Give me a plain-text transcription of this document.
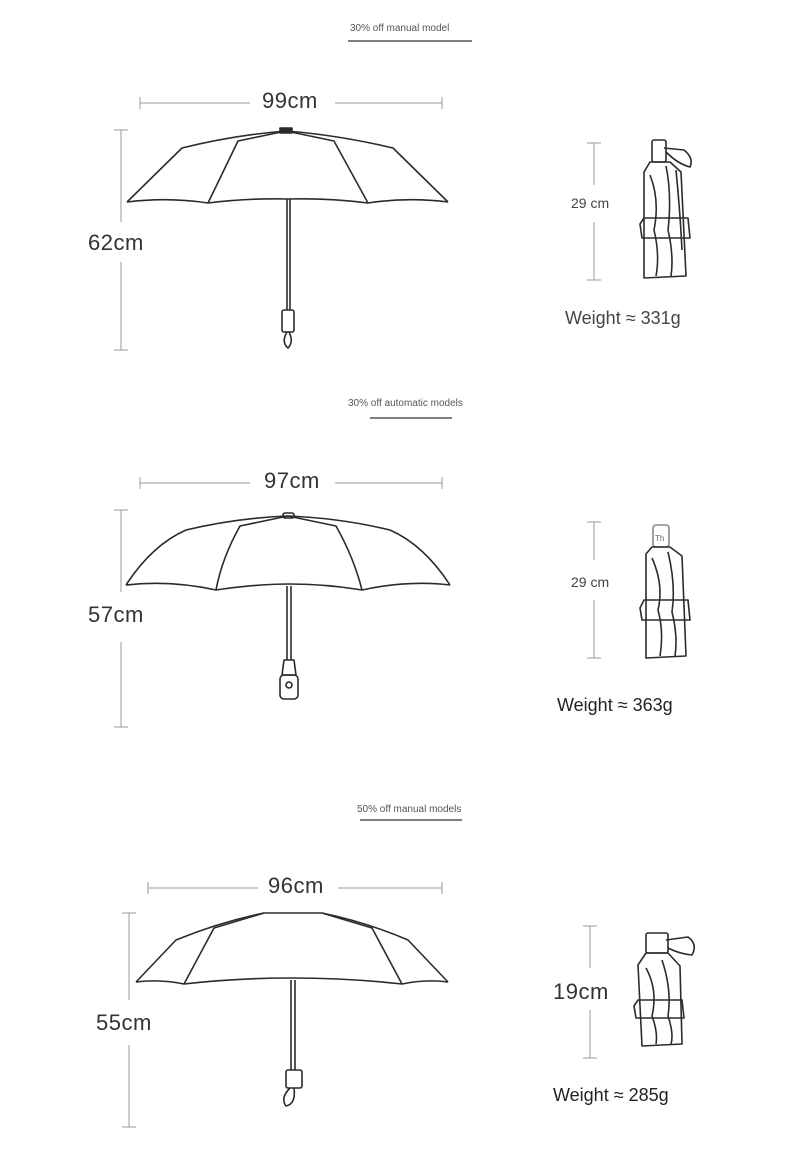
30% off manual model
99cm
62cm
29 cm
Weight ≈ 331g
30% off automatic models
97cm
57cm
29 cm
Th
Weight ≈ 363g
50% off manual models
96cm
55cm
19cm
Weight ≈ 285g
